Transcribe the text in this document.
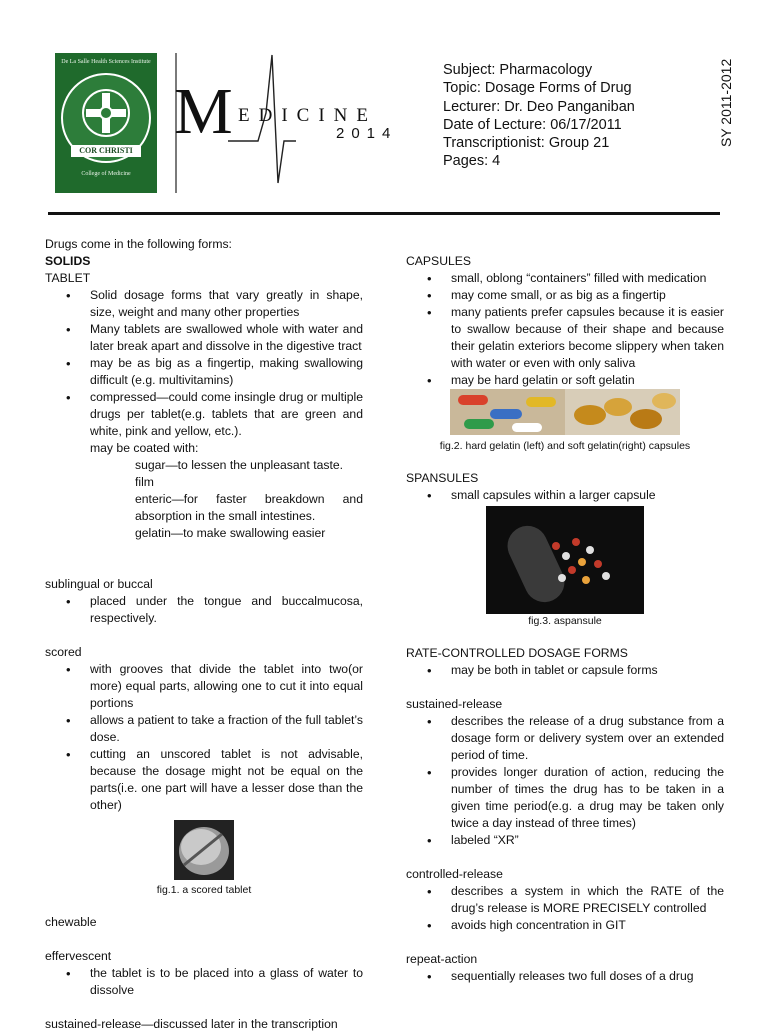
De La Salle Health Sciences Institute
COR CHRISTI
College of Medicine
M EDICINE
2014
Subject: Pharmacology
Topic: Dosage Forms of Drug
Lecturer: Dr. Deo Panganiban
Date of Lecture: 06/17/2011
Transcriptionist: Group 21
Pages: 4
SY 2011-2012

Drugs come in the following forms:

SOLIDS

TABLET

• Solid dosage forms that vary greatly in shape, size, weight and many other properties
• Many tablets are swallowed whole with water and later break apart and dissolve in the digestive tract
• may be as big as a fingertip, making swallowing difficult (e.g. multivitamins)
• compressed—could come insingle drug or multiple drugs per tablet(e.g. tablets that are green and white, pink and yellow, etc.).

may be coated with:

sugar—to lessen the unpleasant taste.

film

enteric—for faster breakdown and absorption in the small intestines.

gelatin—to make swallowing easier

sublingual or buccal

• placed under the tongue and buccalmucosa, respectively.

scored

• with grooves that divide the tablet into two(or more) equal parts, allowing one to cut it into equal portions
• allows a patient to take a fraction of the full tablet’s dose.
• cutting an unscored tablet is not advisable, because the dosage might not be equal on the parts(i.e. one part will have a lesser dose than the other)

fig.1. a scored tablet

chewable

effervescent

• the tablet is to be placed into a glass of water to dissolve

sustained-release—discussed later in the transcription

CAPSULES

• small, oblong “containers” filled with medication
• may come small, or as big as a fingertip
• many patients prefer capsules because it is easier to swallow because of their shape and because their gelatin exteriors become slippery when taken with water or even with only saliva
• may be hard gelatin or soft gelatin

fig.2. hard gelatin (left) and soft gelatin(right) capsules

SPANSULES

• small capsules within a larger capsule

fig.3. aspansule

RATE-CONTROLLED DOSAGE FORMS

• may be both in tablet or capsule forms

sustained-release

• describes the release of a drug substance from a dosage form or delivery system over an extended period of time.
• provides longer duration of action, reducing the number of times the drug has to be taken in a given time period(e.g. a drug may be taken only twice a day instead of three times)
• labeled “XR”

controlled-release

• describes a system in which the RATE of the drug’s release is MORE PRECISELY controlled
• avoids high concentration in GIT

repeat-action

• sequentially releases two full doses of a drug
